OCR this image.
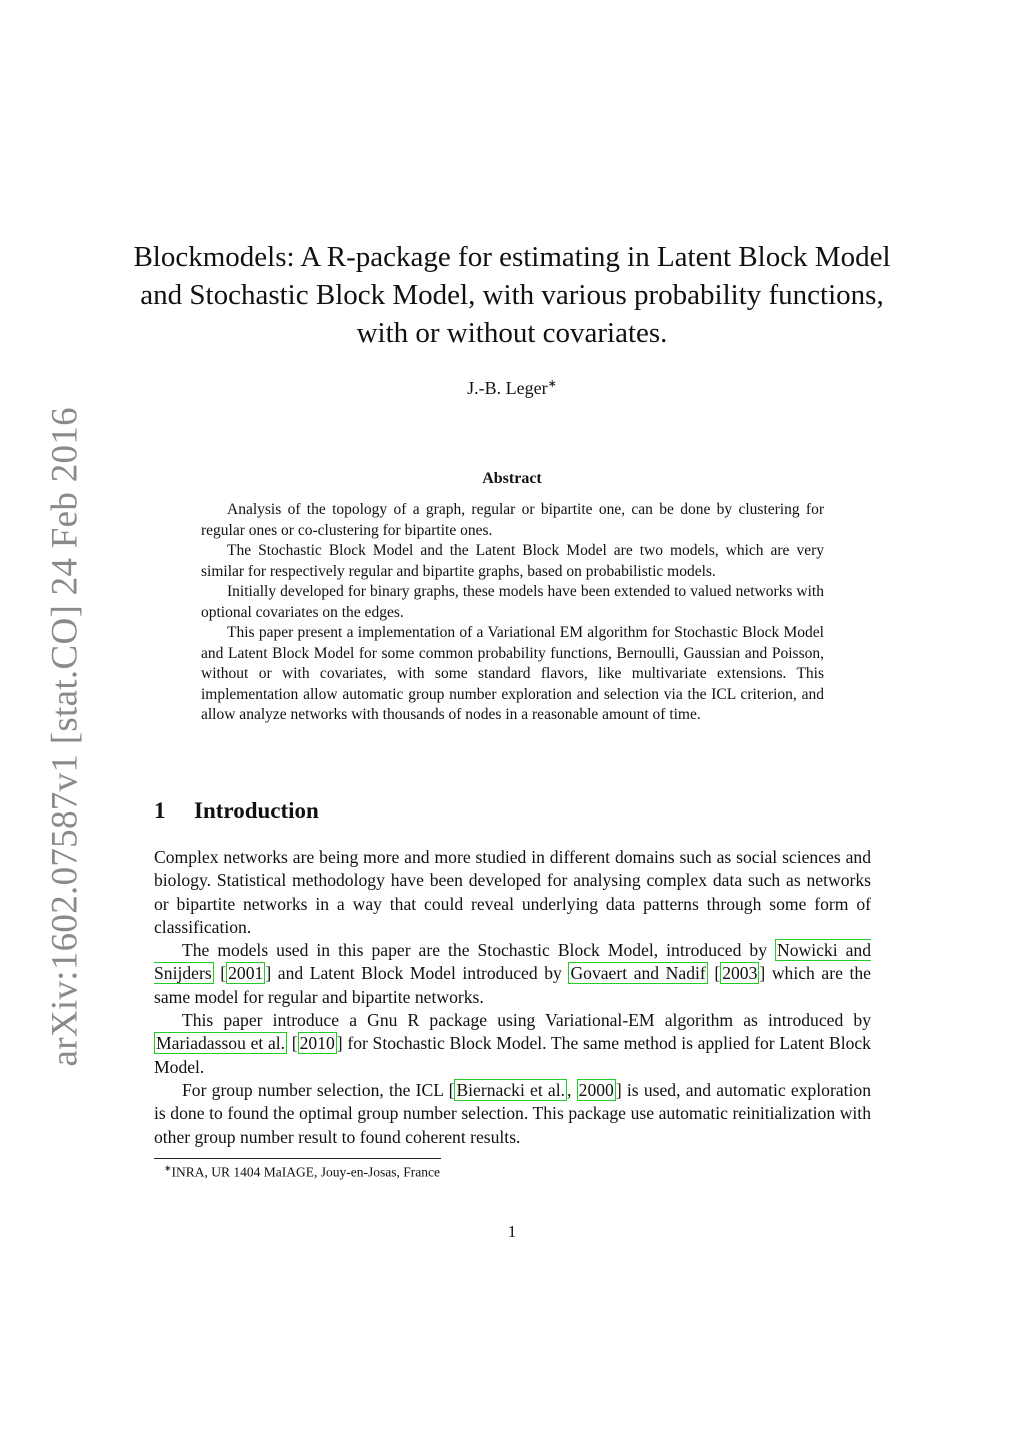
arXiv:1602.07587v1 [stat.CO] 24 Feb 2016
Blockmodels: A R-package for estimating in Latent Block Model and Stochastic Block Model, with various probability functions, with or without covariates.
J.-B. Leger∗
Abstract

Analysis of the topology of a graph, regular or bipartite one, can be done by clustering for regular ones or co-clustering for bipartite ones.

The Stochastic Block Model and the Latent Block Model are two models, which are very similar for respectively regular and bipartite graphs, based on probabilistic models.

Initially developed for binary graphs, these models have been extended to valued networks with optional covariates on the edges.

This paper present a implementation of a Variational EM algorithm for Stochastic Block Model and Latent Block Model for some common probability functions, Bernoulli, Gaussian and Poisson, without or with covariates, with some standard flavors, like multivariate extensions. This implementation allow automatic group number exploration and selection via the ICL criterion, and allow analyze networks with thousands of nodes in a reasonable amount of time.

1 Introduction

Complex networks are being more and more studied in different domains such as social sciences and biology. Statistical methodology have been developed for analysing complex data such as networks or bipartite networks in a way that could reveal underlying data patterns through some form of classification.

The models used in this paper are the Stochastic Block Model, introduced by Nowicki and Snijders [ 2001 ] and Latent Block Model introduced by Govaert and Nadif [ 2003 ] which are the same model for regular and bipartite networks.

This paper introduce a Gnu R package using Variational-EM algorithm as introduced by Mariadassou et al. [ 2010 ] for Stochastic Block Model. The same method is applied for Latent Block Model.

For group number selection, the ICL [ Biernacki et al. , 2000 ] is used, and automatic exploration is done to found the optimal group number selection. This package use automatic reinitialization with other group number result to found coherent results.

∗INRA, UR 1404 MaIAGE, Jouy-en-Josas, France
1
